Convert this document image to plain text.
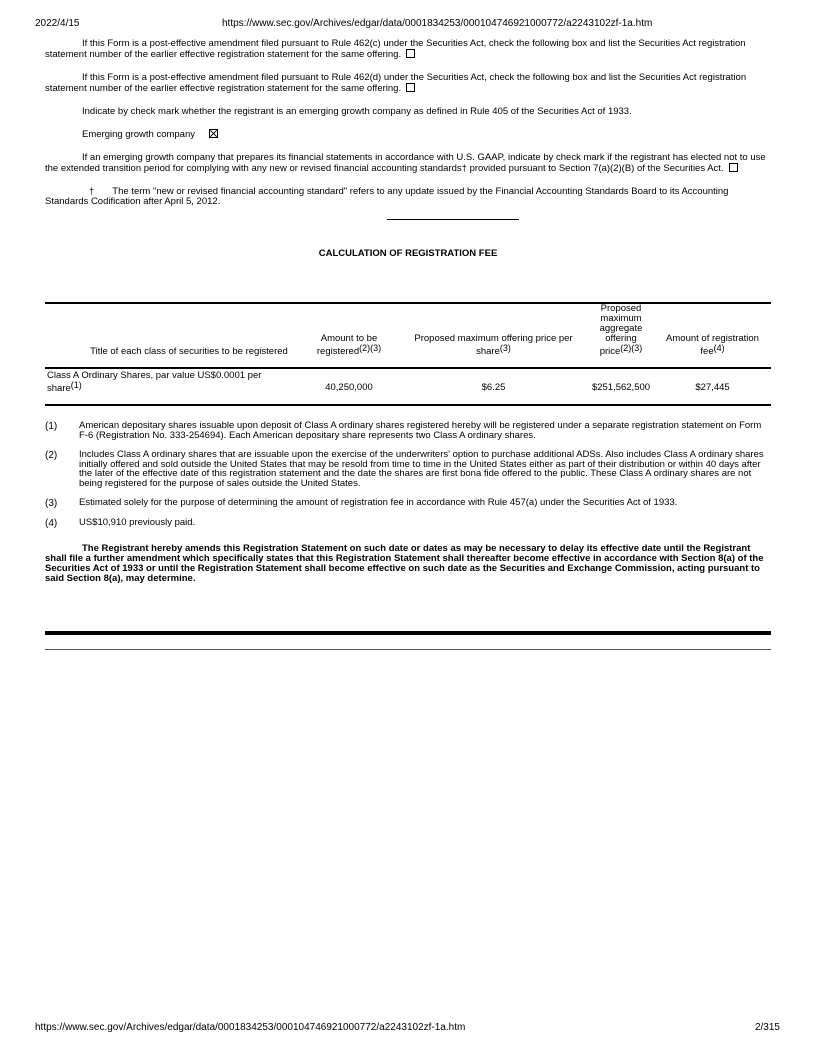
2022/4/15	https://www.sec.gov/Archives/edgar/data/0001834253/000104746921000772/a2243102zf-1a.htm

If this Form is a post-effective amendment filed pursuant to Rule 462(c) under the Securities Act, check the following box and list the Securities Act registration statement number of the earlier effective registration statement for the same offering.

If this Form is a post-effective amendment filed pursuant to Rule 462(d) under the Securities Act, check the following box and list the Securities Act registration statement number of the earlier effective registration statement for the same offering.

Indicate by check mark whether the registrant is an emerging growth company as defined in Rule 405 of the Securities Act of 1933.

Emerging growth company

If an emerging growth company that prepares its financial statements in accordance with U.S. GAAP, indicate by check mark if the registrant has elected not to use the extended transition period for complying with any new or revised financial accounting standards† provided pursuant to Section 7(a)(2)(B) of the Securities Act.

† The term "new or revised financial accounting standard" refers to any update issued by the Financial Accounting Standards Board to its Accounting Standards Codification after April 5, 2012.

CALCULATION OF REGISTRATION FEE
Title of each class of securities to be registered	Amount to be registered$^{(2)(3)}$	Proposed maximum offering price per share$^{(3)}$	Proposed maximum aggregate offering price$^{(2)(3)}$	Amount of registration fee$^{(4)}$
Class A Ordinary Shares, par value US$0.0001 per share$^{(1)}$	40,250,000	$6.25	$251,562,500	$27,445
(1)	American depositary shares issuable upon deposit of Class A ordinary shares registered hereby will be registered under a separate registration statement on Form F-6 (Registration No. 333-254694). Each American depositary share represents two Class A ordinary shares.
(2)	Includes Class A ordinary shares that are issuable upon the exercise of the underwriters' option to purchase additional ADSs. Also includes Class A ordinary shares initially offered and sold outside the United States that may be resold from time to time in the United States either as part of their distribution or within 40 days after the later of the effective date of this registration statement and the date the shares are first bona fide offered to the public. These Class A ordinary shares are not being registered for the purpose of sales outside the United States.
(3)	Estimated solely for the purpose of determining the amount of registration fee in accordance with Rule 457(a) under the Securities Act of 1933.
(4)	US$10,910 previously paid.

The Registrant hereby amends this Registration Statement on such date or dates as may be necessary to delay its effective date until the Registrant shall file a further amendment which specifically states that this Registration Statement shall thereafter become effective in accordance with Section 8(a) of the Securities Act of 1933 or until the Registration Statement shall become effective on such date as the Securities and Exchange Commission, acting pursuant to said Section 8(a), may determine.

https://www.sec.gov/Archives/edgar/data/0001834253/000104746921000772/a2243102zf-1a.htm	2/315
